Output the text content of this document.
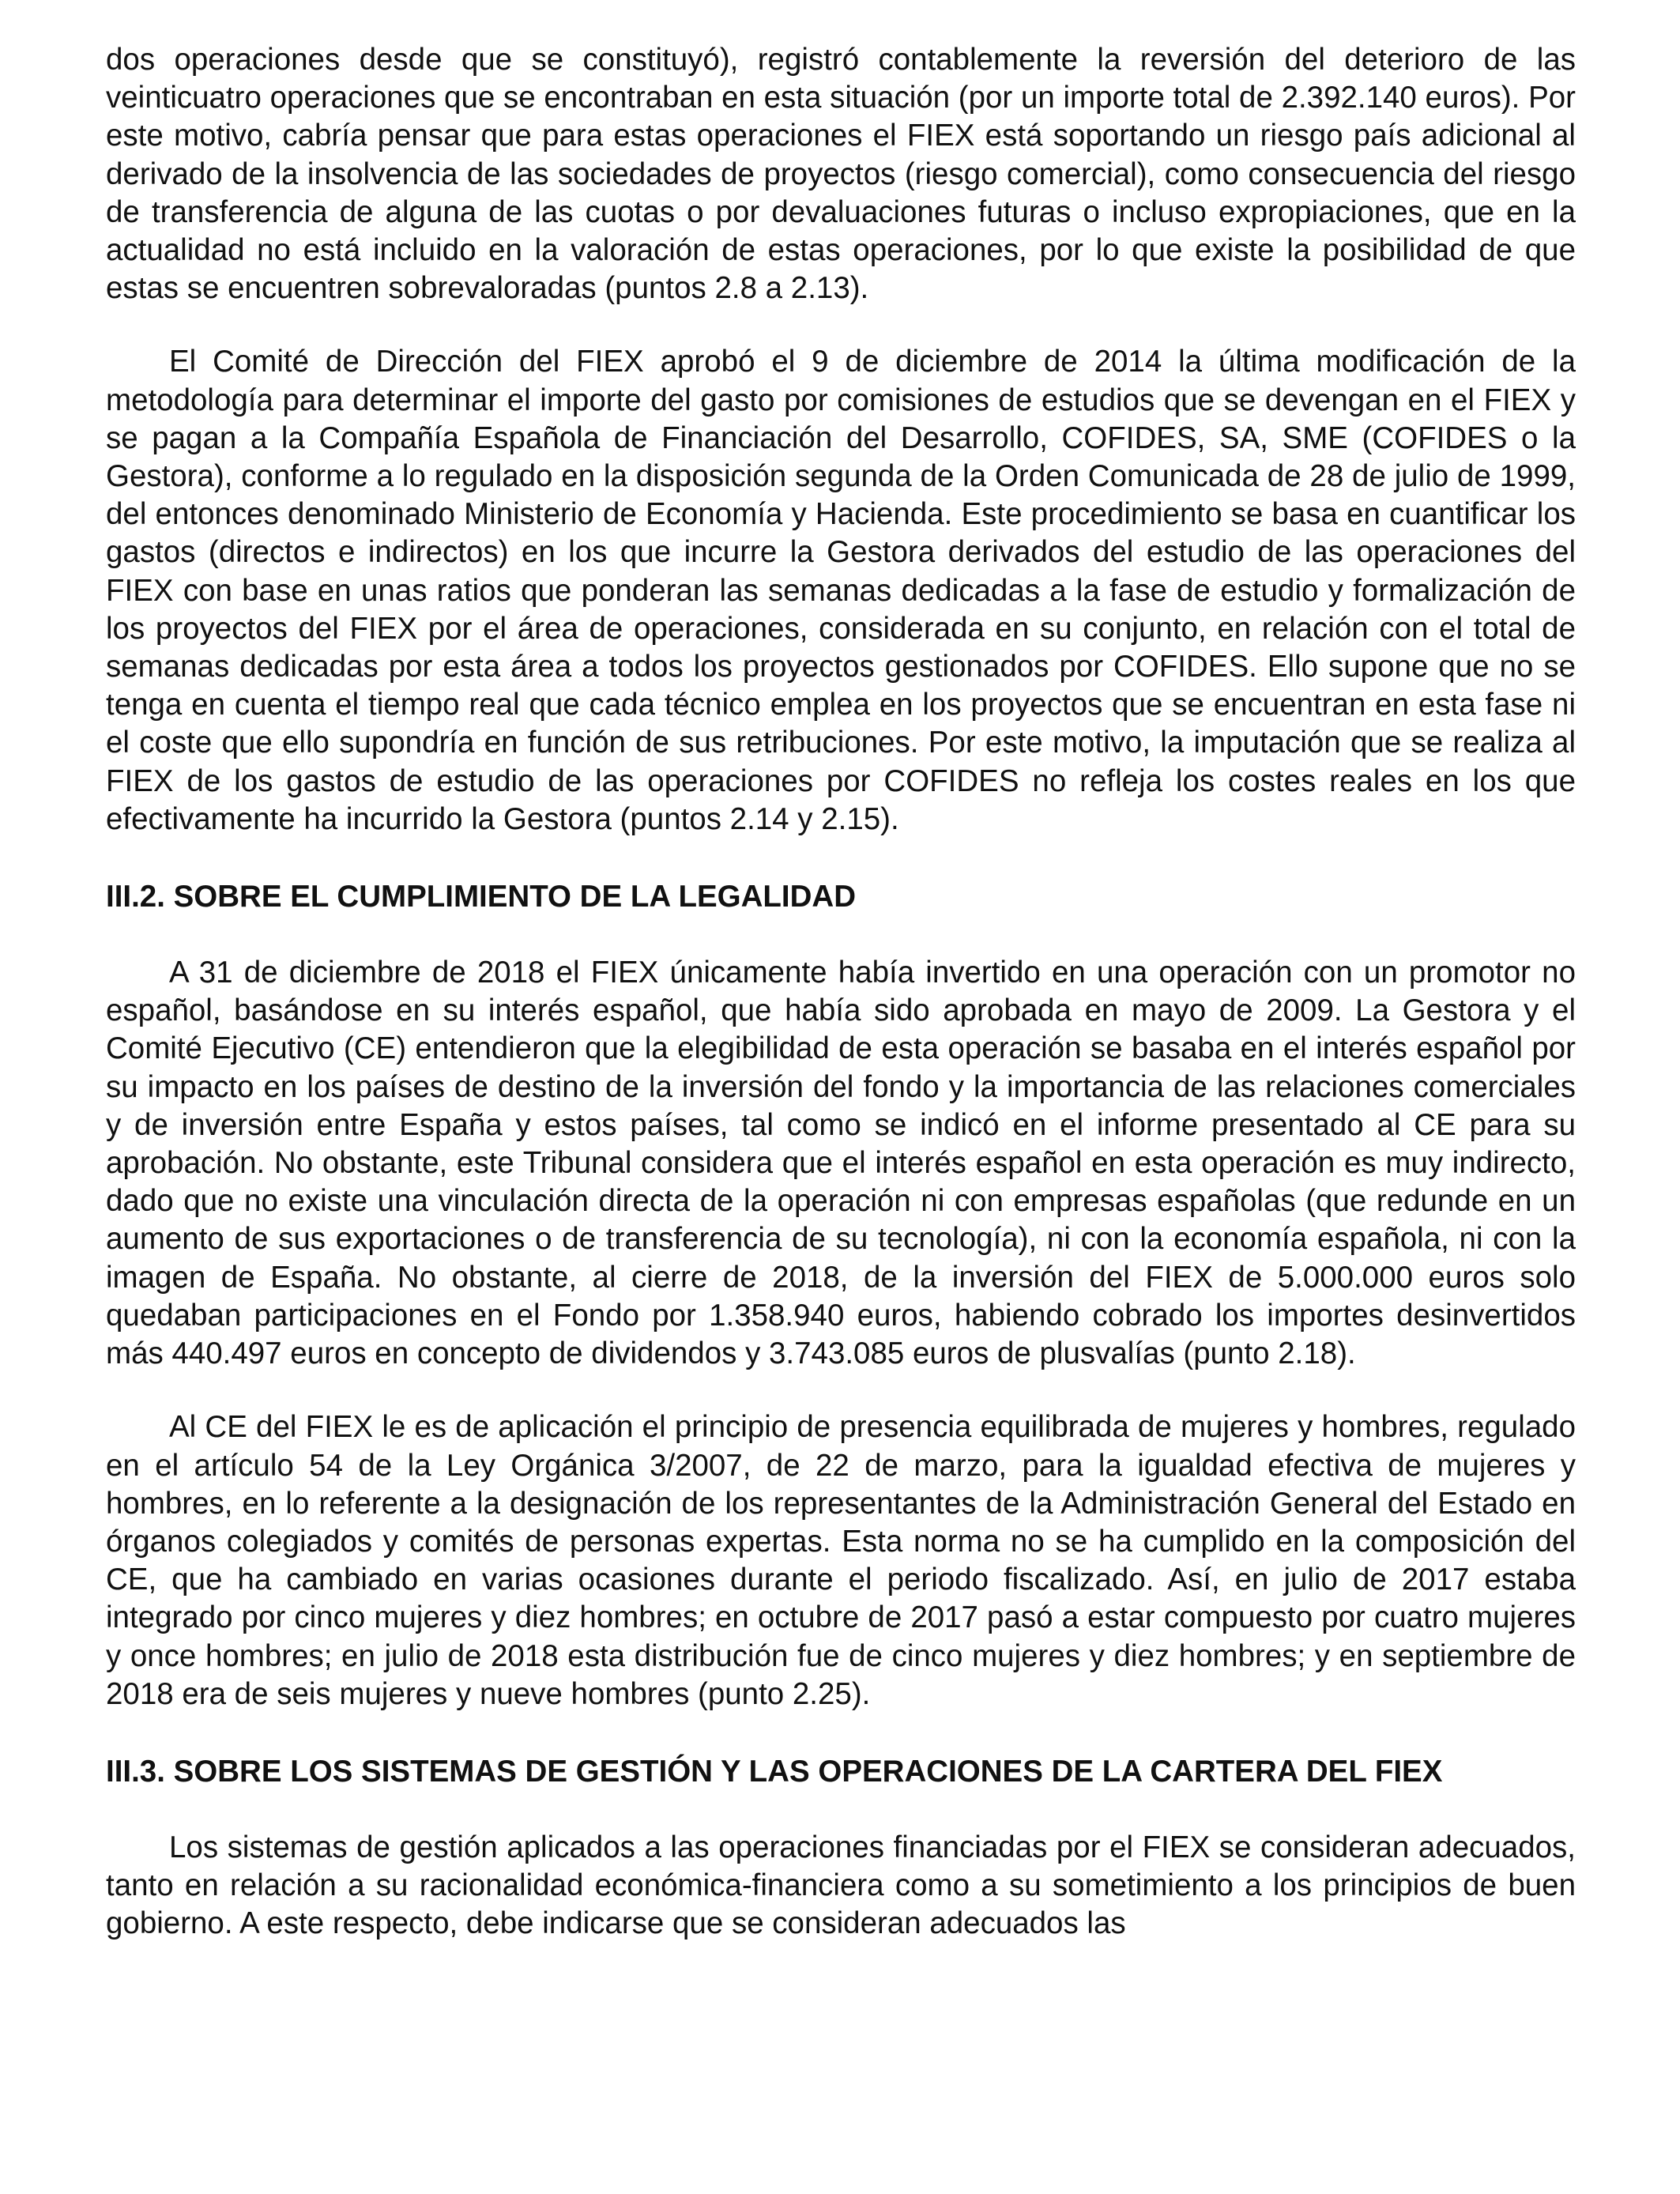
dos operaciones desde que se constituyó), registró contablemente la reversión del deterioro de las veinticuatro operaciones que se encontraban en esta situación (por un importe total de 2.392.140 euros). Por este motivo, cabría pensar que para estas operaciones el FIEX está soportando un riesgo país adicional al derivado de la insolvencia de las sociedades de proyectos (riesgo comercial), como consecuencia del riesgo de transferencia de alguna de las cuotas o por devaluaciones futuras o incluso expropiaciones, que en la actualidad no está incluido en la valoración de estas operaciones, por lo que existe la posibilidad de que estas se encuentren sobrevaloradas (puntos 2.8 a 2.13).

El Comité de Dirección del FIEX aprobó el 9 de diciembre de 2014 la última modificación de la metodología para determinar el importe del gasto por comisiones de estudios que se devengan en el FIEX y se pagan a la Compañía Española de Financiación del Desarrollo, COFIDES, SA, SME (COFIDES o la Gestora), conforme a lo regulado en la disposición segunda de la Orden Comunicada de 28 de julio de 1999, del entonces denominado Ministerio de Economía y Hacienda. Este procedimiento se basa en cuantificar los gastos (directos e indirectos) en los que incurre la Gestora derivados del estudio de las operaciones del FIEX con base en unas ratios que ponderan las semanas dedicadas a la fase de estudio y formalización de los proyectos del FIEX por el área de operaciones, considerada en su conjunto, en relación con el total de semanas dedicadas por esta área a todos los proyectos gestionados por COFIDES. Ello supone que no se tenga en cuenta el tiempo real que cada técnico emplea en los proyectos que se encuentran en esta fase ni el coste que ello supondría en función de sus retribuciones. Por este motivo, la imputación que se realiza al FIEX de los gastos de estudio de las operaciones por COFIDES no refleja los costes reales en los que efectivamente ha incurrido la Gestora (puntos 2.14 y 2.15).

III.2. SOBRE EL CUMPLIMIENTO DE LA LEGALIDAD

A 31 de diciembre de 2018 el FIEX únicamente había invertido en una operación con un promotor no español, basándose en su interés español, que había sido aprobada en mayo de 2009. La Gestora y el Comité Ejecutivo (CE) entendieron que la elegibilidad de esta operación se basaba en el interés español por su impacto en los países de destino de la inversión del fondo y la importancia de las relaciones comerciales y de inversión entre España y estos países, tal como se indicó en el informe presentado al CE para su aprobación. No obstante, este Tribunal considera que el interés español en esta operación es muy indirecto, dado que no existe una vinculación directa de la operación ni con empresas españolas (que redunde en un aumento de sus exportaciones o de transferencia de su tecnología), ni con la economía española, ni con la imagen de España. No obstante, al cierre de 2018, de la inversión del FIEX de 5.000.000 euros solo quedaban participaciones en el Fondo por 1.358.940 euros, habiendo cobrado los importes desinvertidos más 440.497 euros en concepto de dividendos y 3.743.085 euros de plusvalías (punto 2.18).

Al CE del FIEX le es de aplicación el principio de presencia equilibrada de mujeres y hombres, regulado en el artículo 54 de la Ley Orgánica 3/2007, de 22 de marzo, para la igualdad efectiva de mujeres y hombres, en lo referente a la designación de los representantes de la Administración General del Estado en órganos colegiados y comités de personas expertas. Esta norma no se ha cumplido en la composición del CE, que ha cambiado en varias ocasiones durante el periodo fiscalizado. Así, en julio de 2017 estaba integrado por cinco mujeres y diez hombres; en octubre de 2017 pasó a estar compuesto por cuatro mujeres y once hombres; en julio de 2018 esta distribución fue de cinco mujeres y diez hombres; y en septiembre de 2018 era de seis mujeres y nueve hombres (punto 2.25).

III.3. SOBRE LOS SISTEMAS DE GESTIÓN Y LAS OPERACIONES DE LA CARTERA DEL FIEX

Los sistemas de gestión aplicados a las operaciones financiadas por el FIEX se consideran adecuados, tanto en relación a su racionalidad económica-financiera como a su sometimiento a los principios de buen gobierno. A este respecto, debe indicarse que se consideran adecuados las
